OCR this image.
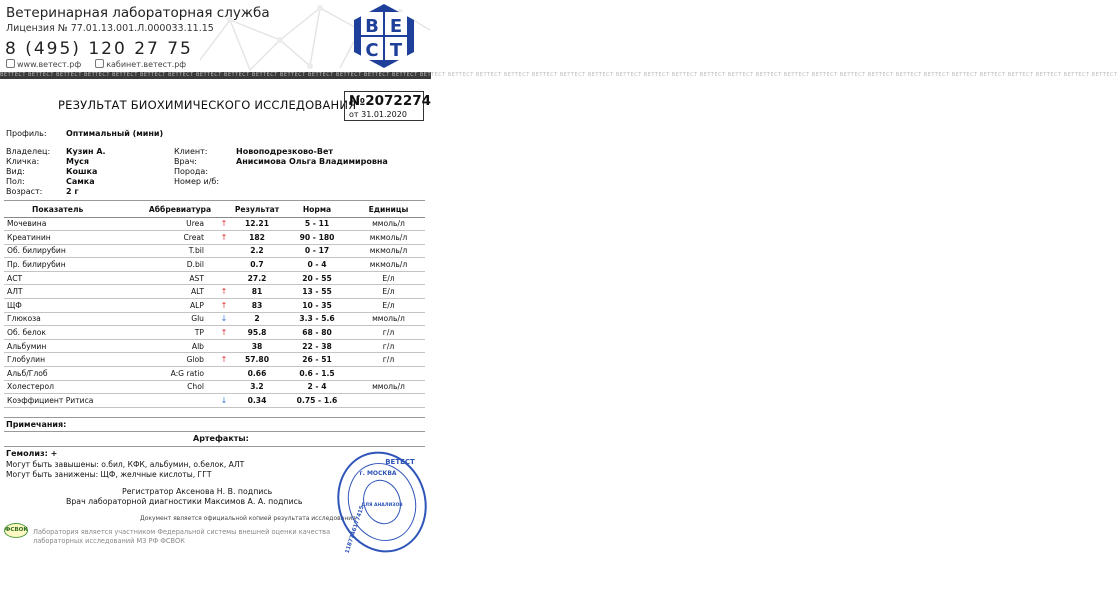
Ветеринарная лабораторная служба
Лицензия № 77.01.13.001.Л.000033.11.15
8 (495) 120 27 75
www.ветест.рф	кабинет.ветест.рф
В Е
С Т
ВЕТТЕСТ ВЕТТЕСТ ВЕТТЕСТ ВЕТТЕСТ ВЕТТЕСТ ВЕТТЕСТ ВЕТТЕСТ ВЕТТЕСТ ВЕТТЕСТ ВЕТТЕСТ ВЕТТЕСТ ВЕТТЕСТ ВЕТТЕСТ ВЕТТЕСТ ВЕТТЕСТ ВЕТТЕСТ ВЕТТЕСТ ВЕТТЕСТ ВЕТТЕСТ ВЕТТЕСТ ВЕТТЕСТ ВЕТТЕСТ ВЕТТЕСТ ВЕТТЕСТ ВЕТТЕСТ ВЕТТЕСТ ВЕТТЕСТ ВЕТТЕСТ ВЕТТЕСТ ВЕТТЕСТ ВЕТТЕСТ ВЕТТЕСТ ВЕТТЕСТ ВЕТТЕСТ ВЕТТЕСТ ВЕТТЕСТ ВЕТТЕСТ ВЕТТЕСТ ВЕТТЕСТ ВЕТТЕСТ
РЕЗУЛЬТАТ БИОХИМИЧЕСКОГО ИССЛЕДОВАНИЯ
№2072274
от 31.01.2020
Профиль: Оптимальный (мини)
Владелец: Кузин А.
Кличка:	Муся
Вид:	Кошка
Пол:	Самка
Возраст:	2 г
Клиент:	Новоподрезково-Вет
Врач:	Анисимова Ольга Владимировна
Порода:
Номер и/б:
Показатель	Аббревиатура		Результат	Норма	Единицы
Мочевина	Urea	↑	12.21	5 - 11	ммоль/л
Креатинин	Creat	↑	182	90 - 180	мкмоль/л
Об. билирубин	T.bil		2.2	0 - 17	мкмоль/л
Пр. билирубин	D.bil		0.7	0 - 4	мкмоль/л
АСТ	AST		27.2	20 - 55	Е/л
АЛТ	ALT	↑	81	13 - 55	Е/л
ЩФ	ALP	↑	83	10 - 35	Е/л
Глюкоза	Glu	↓	2	3.3 - 5.6	ммоль/л
Об. белок	TP	↑	95.8	68 - 80	г/л
Альбумин	Alb		38	22 - 38	г/л
Глобулин	Glob	↑	57.80	26 - 51	г/л
Альб/Глоб	A:G ratio		0.66	0.6 - 1.5	
Холестерол	Chol		3.2	2 - 4	ммоль/л
Коэффициент Ритиса		↓	0.34	0.75 - 1.6	
Примечания:
Артефакты:
Гемолиз: +
Могут быть завышены: о.бил, КФК, альбумин, о.белок, АЛТ
Могут быть занижены: ЩФ, желчные кислоты, ГГТ
Регистратор Аксенова Н. В. подпись
Врач лабораторной диагностики Максимов А. А. подпись
Документ является официальной копией результата исследования
ВЕТЕСТ
г. МОСКВА
ДЛЯ АНАЛИЗОВ
1187746177415
ФСВОК Лаборатория является участником Федеральной системы внешней оценки качества лабораторных исследований МЗ РФ ФСВОК
